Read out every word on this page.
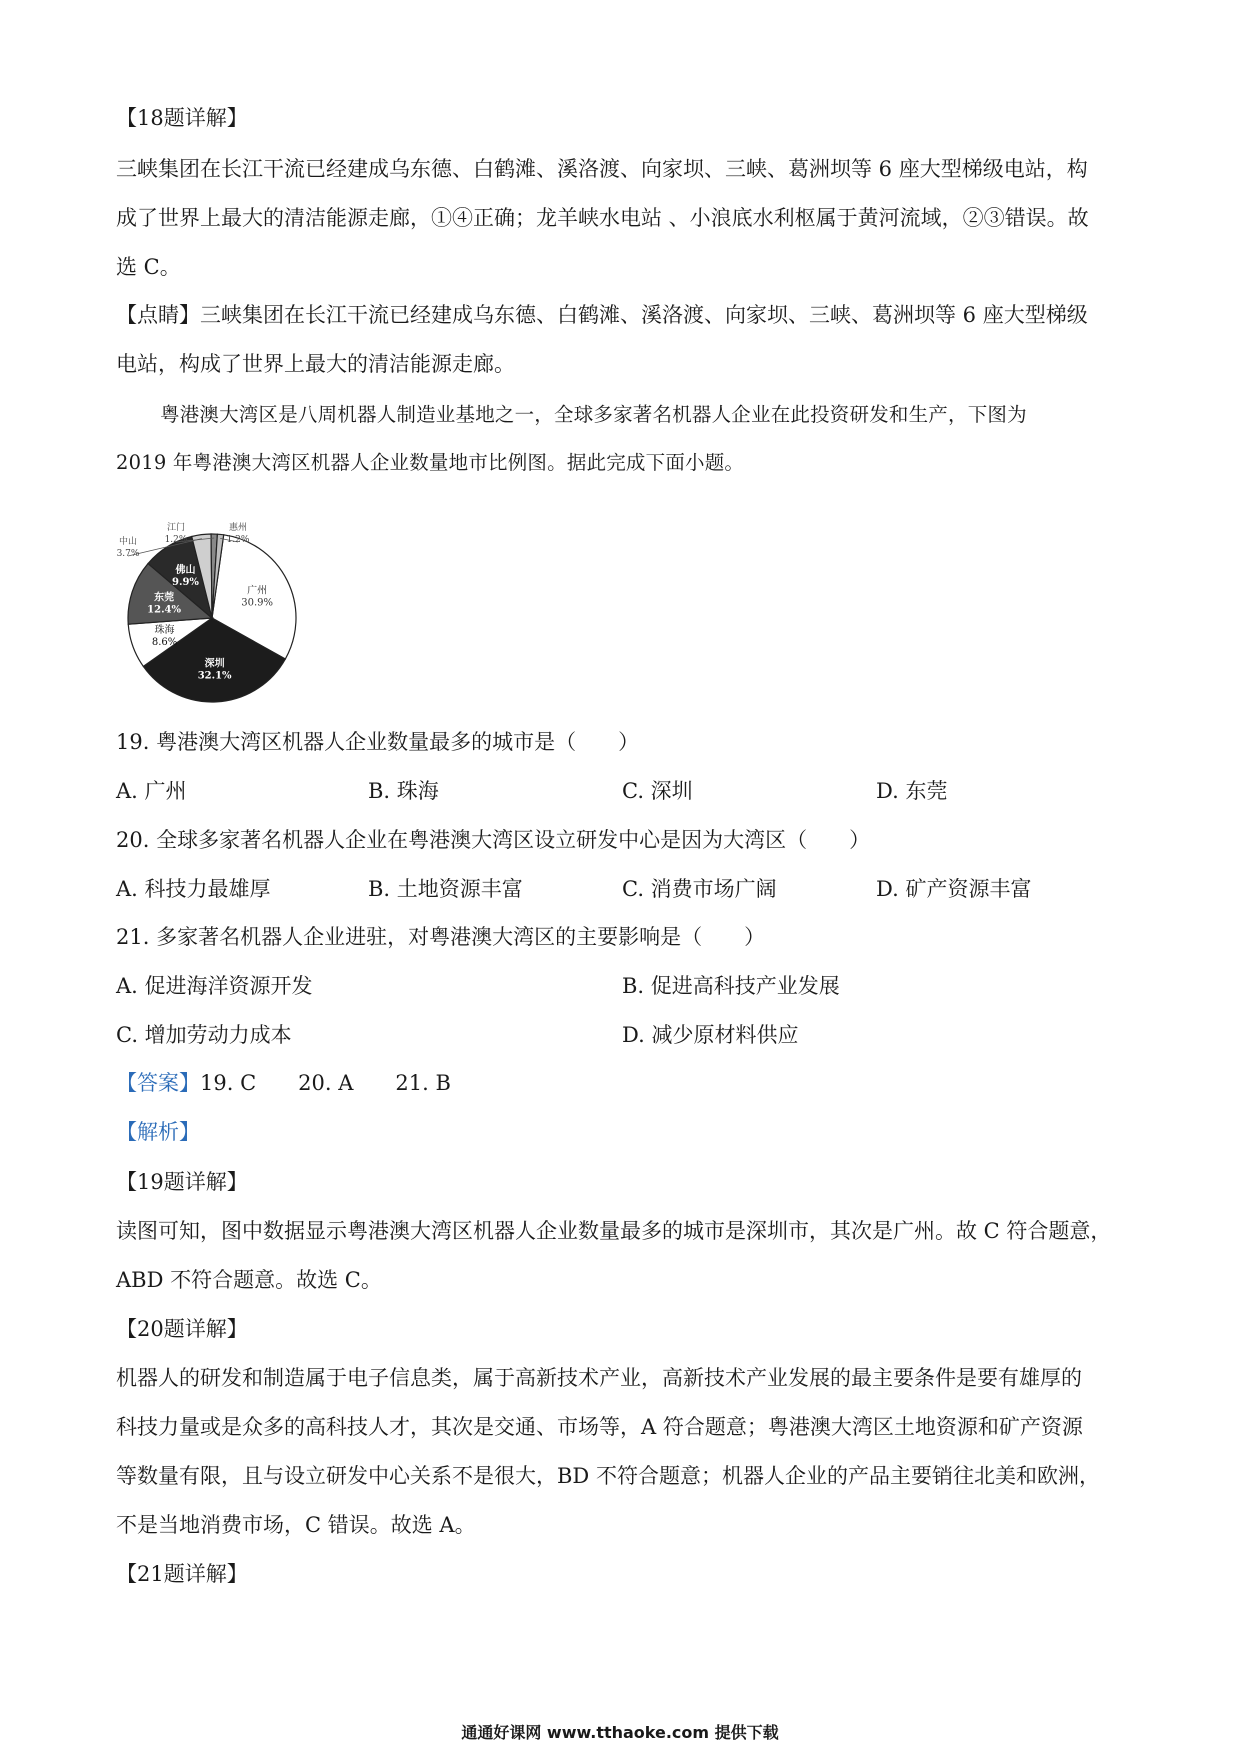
【18题详解】
三峡集团在长江干流已经建成乌东德、白鹤滩、溪洛渡、向家坝、三峡、葛洲坝等 6 座大型梯级电站，构
成了世界上最大的清洁能源走廊，①④正确；龙羊峡水电站 、小浪底水利枢属于黄河流域，②③错误。故
选 C。
【点睛】三峡集团在长江干流已经建成乌东德、白鹤滩、溪洛渡、向家坝、三峡、葛洲坝等 6 座大型梯级
电站，构成了世界上最大的清洁能源走廊。
粤港澳大湾区是八周机器人制造业基地之一，全球多家著名机器人企业在此投资研发和生产，下图为
2019 年粤港澳大湾区机器人企业数量地市比例图。据此完成下面小题。
广州
30.9%
深圳
32.1%
珠海
8.6%
东莞
12.4%
佛山
9.9%
中山
3.7%
江门
1.2%
惠州
1.2%
19. 粤港澳大湾区机器人企业数量最多的城市是（　　）
A. 广州	B. 珠海	C. 深圳	D. 东莞
20. 全球多家著名机器人企业在粤港澳大湾区设立研发中心是因为大湾区（　　）
A. 科技力最雄厚	B. 土地资源丰富	C. 消费市场广阔	D. 矿产资源丰富
21. 多家著名机器人企业进驻，对粤港澳大湾区的主要影响是（　　）
A. 促进海洋资源开发	B. 促进高科技产业发展
C. 增加劳动力成本	D. 减少原材料供应
【答案】19. C 20. A 21. B
【解析】
【19题详解】
读图可知，图中数据显示粤港澳大湾区机器人企业数量最多的城市是深圳市，其次是广州。故 C 符合题意，
ABD 不符合题意。故选 C。
【20题详解】
机器人的研发和制造属于电子信息类，属于高新技术产业，高新技术产业发展的最主要条件是要有雄厚的
科技力量或是众多的高科技人才，其次是交通、市场等，A 符合题意；粤港澳大湾区土地资源和矿产资源
等数量有限，且与设立研发中心关系不是很大，BD 不符合题意；机器人企业的产品主要销往北美和欧洲，
不是当地消费市场，C 错误。故选 A。
【21题详解】
通通好课网 www.tthaoke.com 提供下载
